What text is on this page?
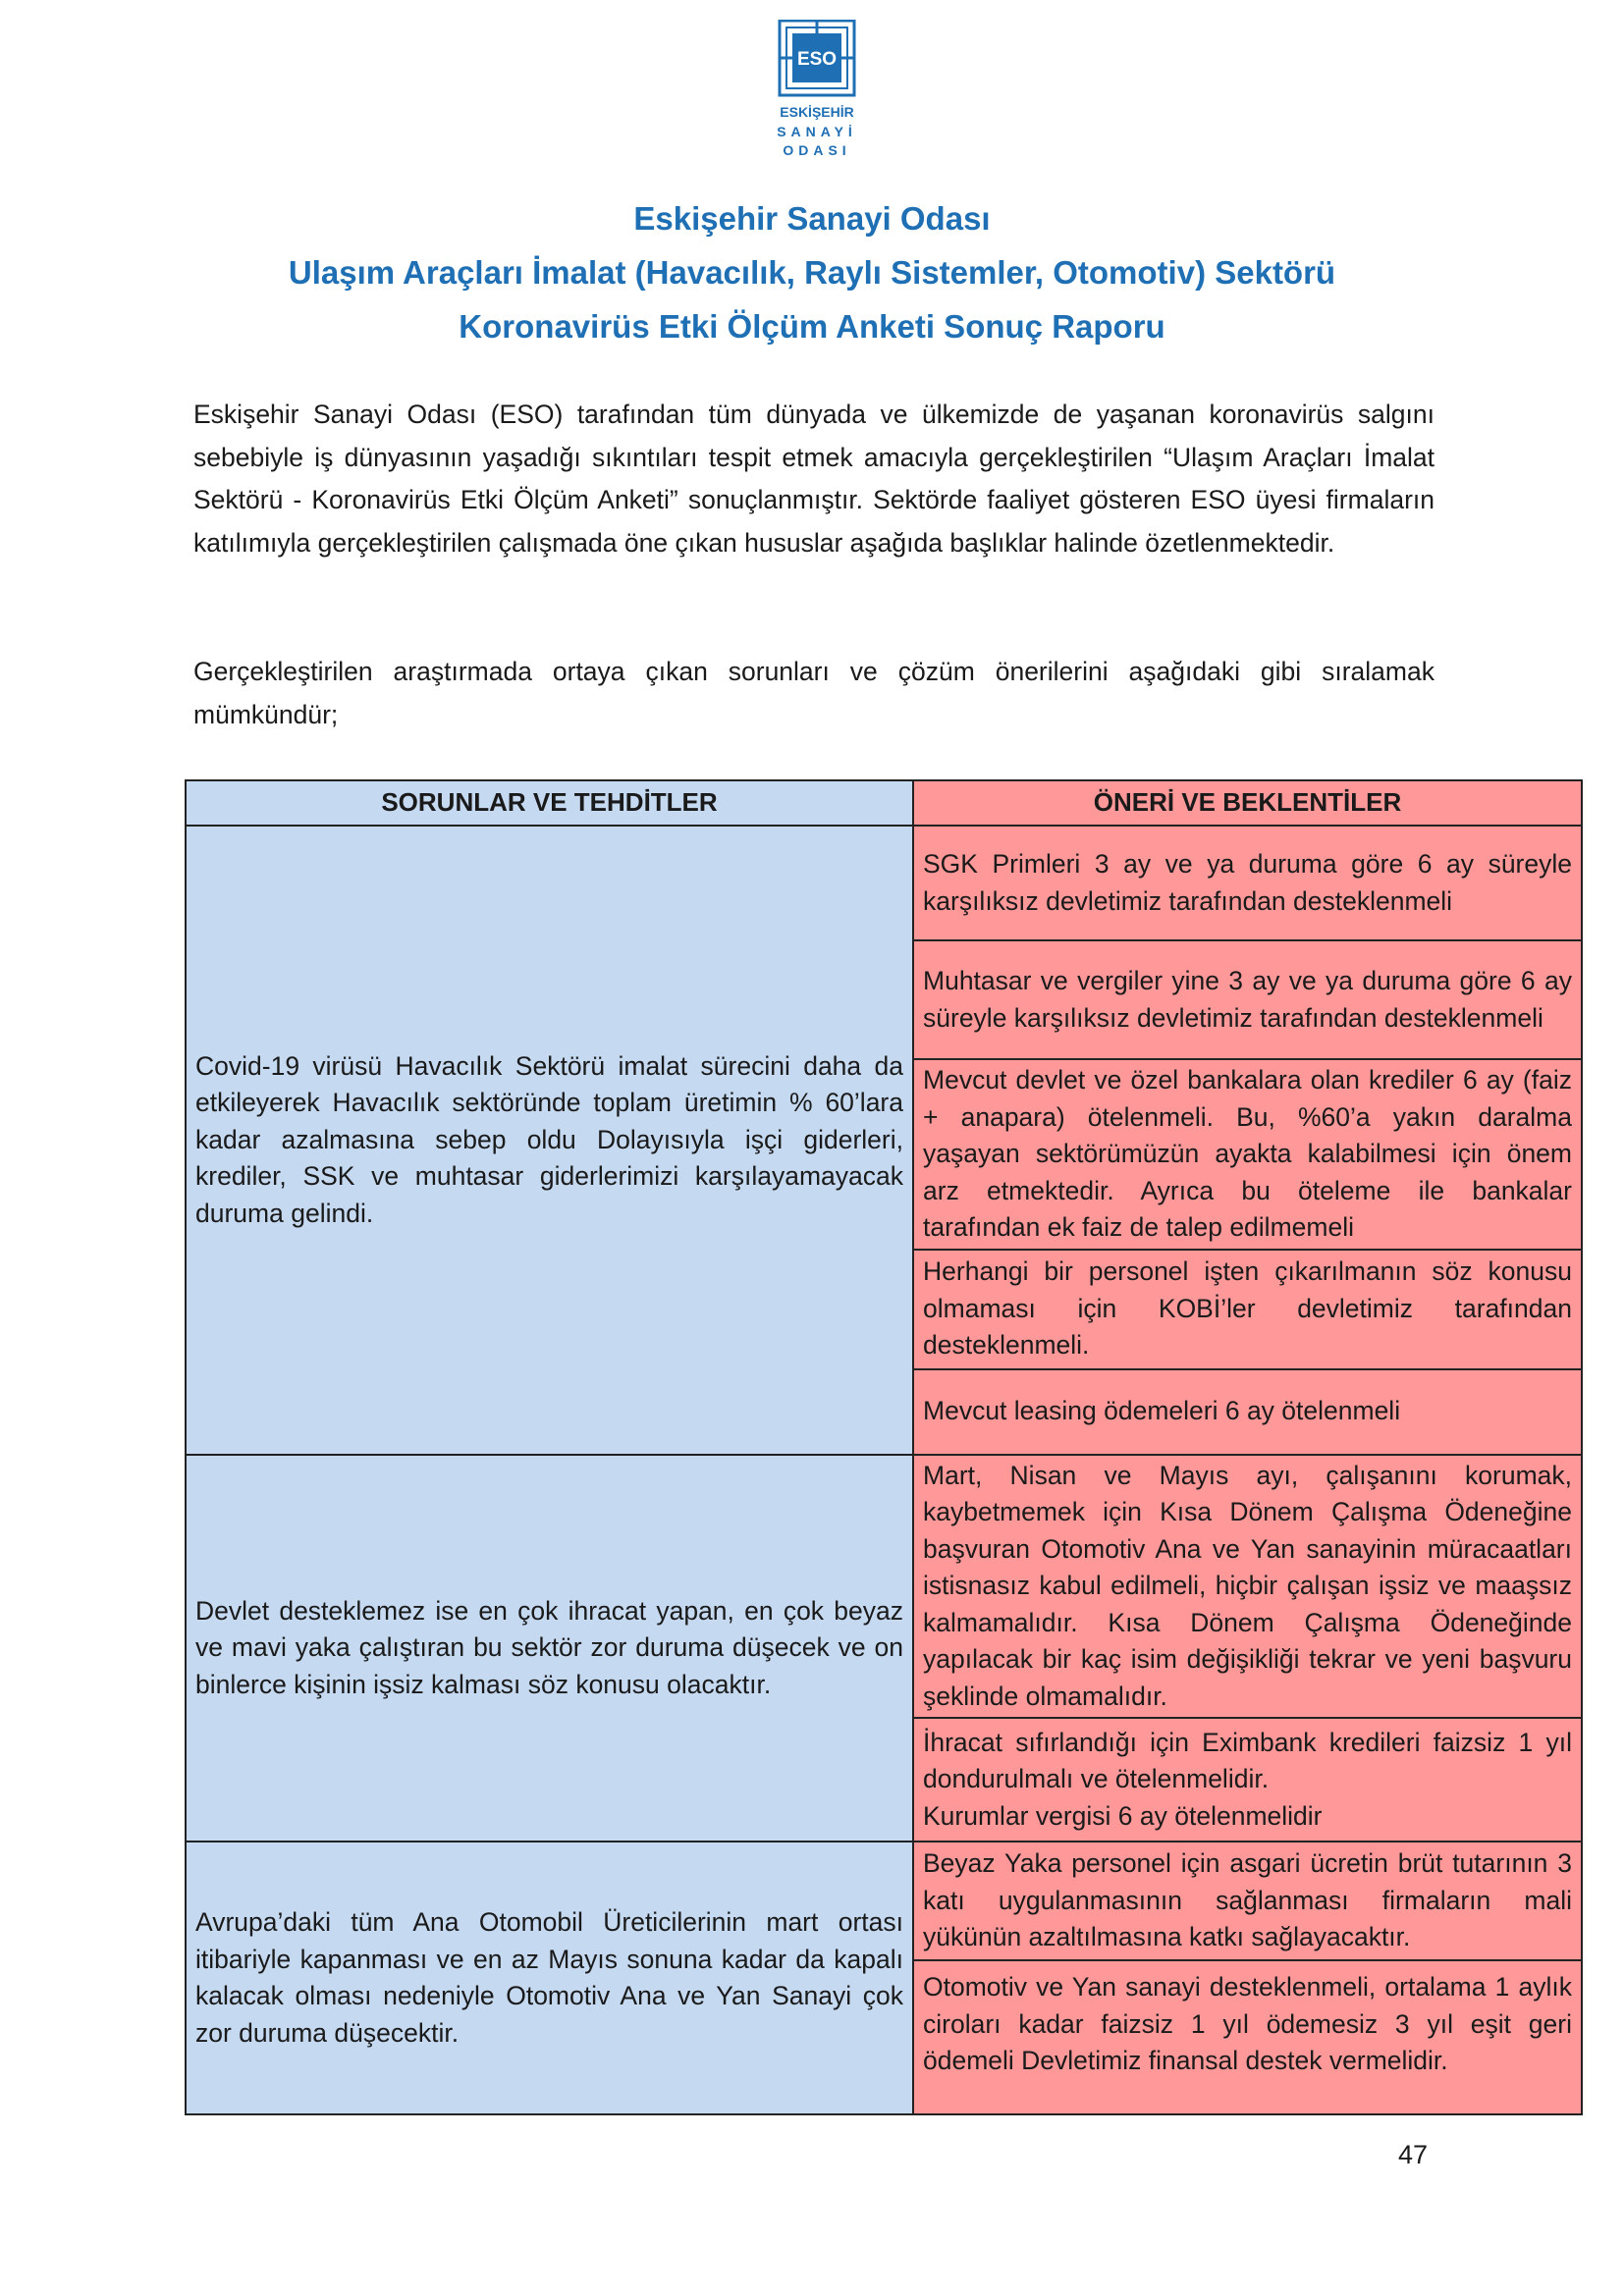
ESO
ESKİŞEHİR
SANAYİ
ODASI
Eskişehir Sanayi Odası
Ulaşım Araçları İmalat (Havacılık, Raylı Sistemler, Otomotiv) Sektörü
Koronavirüs Etki Ölçüm Anketi Sonuç Raporu

Eskişehir Sanayi Odası (ESO) tarafından tüm dünyada ve ülkemizde de yaşanan koronavirüs salgını sebebiyle iş dünyasının yaşadığı sıkıntıları tespit etmek amacıyla gerçekleştirilen “Ulaşım Araçları İmalat Sektörü - Koronavirüs Etki Ölçüm Anketi” sonuçlanmıştır. Sektörde faaliyet gösteren ESO üyesi firmaların katılımıyla gerçekleştirilen çalışmada öne çıkan hususlar aşağıda başlıklar halinde özetlenmektedir.

Gerçekleştirilen araştırmada ortaya çıkan sorunları ve çözüm önerilerini aşağıdaki gibi sıralamak mümkündür;

SORUNLAR VE TEHDİTLER	ÖNERİ VE BEKLENTİLER
Covid-19 virüsü Havacılık Sektörü imalat sürecini daha da etkileyerek Havacılık sektöründe toplam üretimin % 60’lara kadar azalmasına sebep oldu Dolayısıyla işçi giderleri, krediler, SSK ve muhtasar giderlerimizi karşılayamayacak duruma gelindi.	SGK Primleri 3 ay ve ya duruma göre 6 ay süreyle karşılıksız devletimiz tarafından desteklenmeli
	Muhtasar ve vergiler yine 3 ay ve ya duruma göre 6 ay süreyle karşılıksız devletimiz tarafından desteklenmeli
	Mevcut devlet ve özel bankalara olan krediler 6 ay (faiz + anapara) ötelenmeli. Bu, %60’a yakın daralma yaşayan sektörümüzün ayakta kalabilmesi için önem arz etmektedir. Ayrıca bu öteleme ile bankalar tarafından ek faiz de talep edilmemeli
	Herhangi bir personel işten çıkarılmanın söz konusu olmaması için KOBİ’ler devletimiz tarafından desteklenmeli.
	Mevcut leasing ödemeleri 6 ay ötelenmeli
Devlet desteklemez ise en çok ihracat yapan, en çok beyaz ve mavi yaka çalıştıran bu sektör zor duruma düşecek ve on binlerce kişinin işsiz kalması söz konusu olacaktır.	Mart, Nisan ve Mayıs ayı, çalışanını korumak, kaybetmemek için Kısa Dönem Çalışma Ödeneğine başvuran Otomotiv Ana ve Yan sanayinin müracaatları istisnasız kabul edilmeli, hiçbir çalışan işsiz ve maaşsız kalmamalıdır. Kısa Dönem Çalışma Ödeneğinde yapılacak bir kaç isim değişikliği tekrar ve yeni başvuru şeklinde olmamalıdır.

	İhracat sıfırlandığı için Eximbank kredileri faizsiz 1 yıl dondurulmalı ve ötelenmelidir.
Kurumlar vergisi 6 ay ötelenmelidir

Avrupa’daki tüm Ana Otomobil Üreticilerinin mart ortası itibariyle kapanması ve en az Mayıs sonuna kadar da kapalı kalacak olması nedeniyle Otomotiv Ana ve Yan Sanayi çok zor duruma düşecektir.	Beyaz Yaka personel için asgari ücretin brüt tutarının 3 katı uygulanmasının sağlanması firmaların mali yükünün azaltılmasına katkı sağlayacaktır.
	Otomotiv ve Yan sanayi desteklenmeli, ortalama 1 aylık ciroları kadar faizsiz 1 yıl ödemesiz 3 yıl eşit geri ödemeli Devletimiz finansal destek vermelidir.
47
